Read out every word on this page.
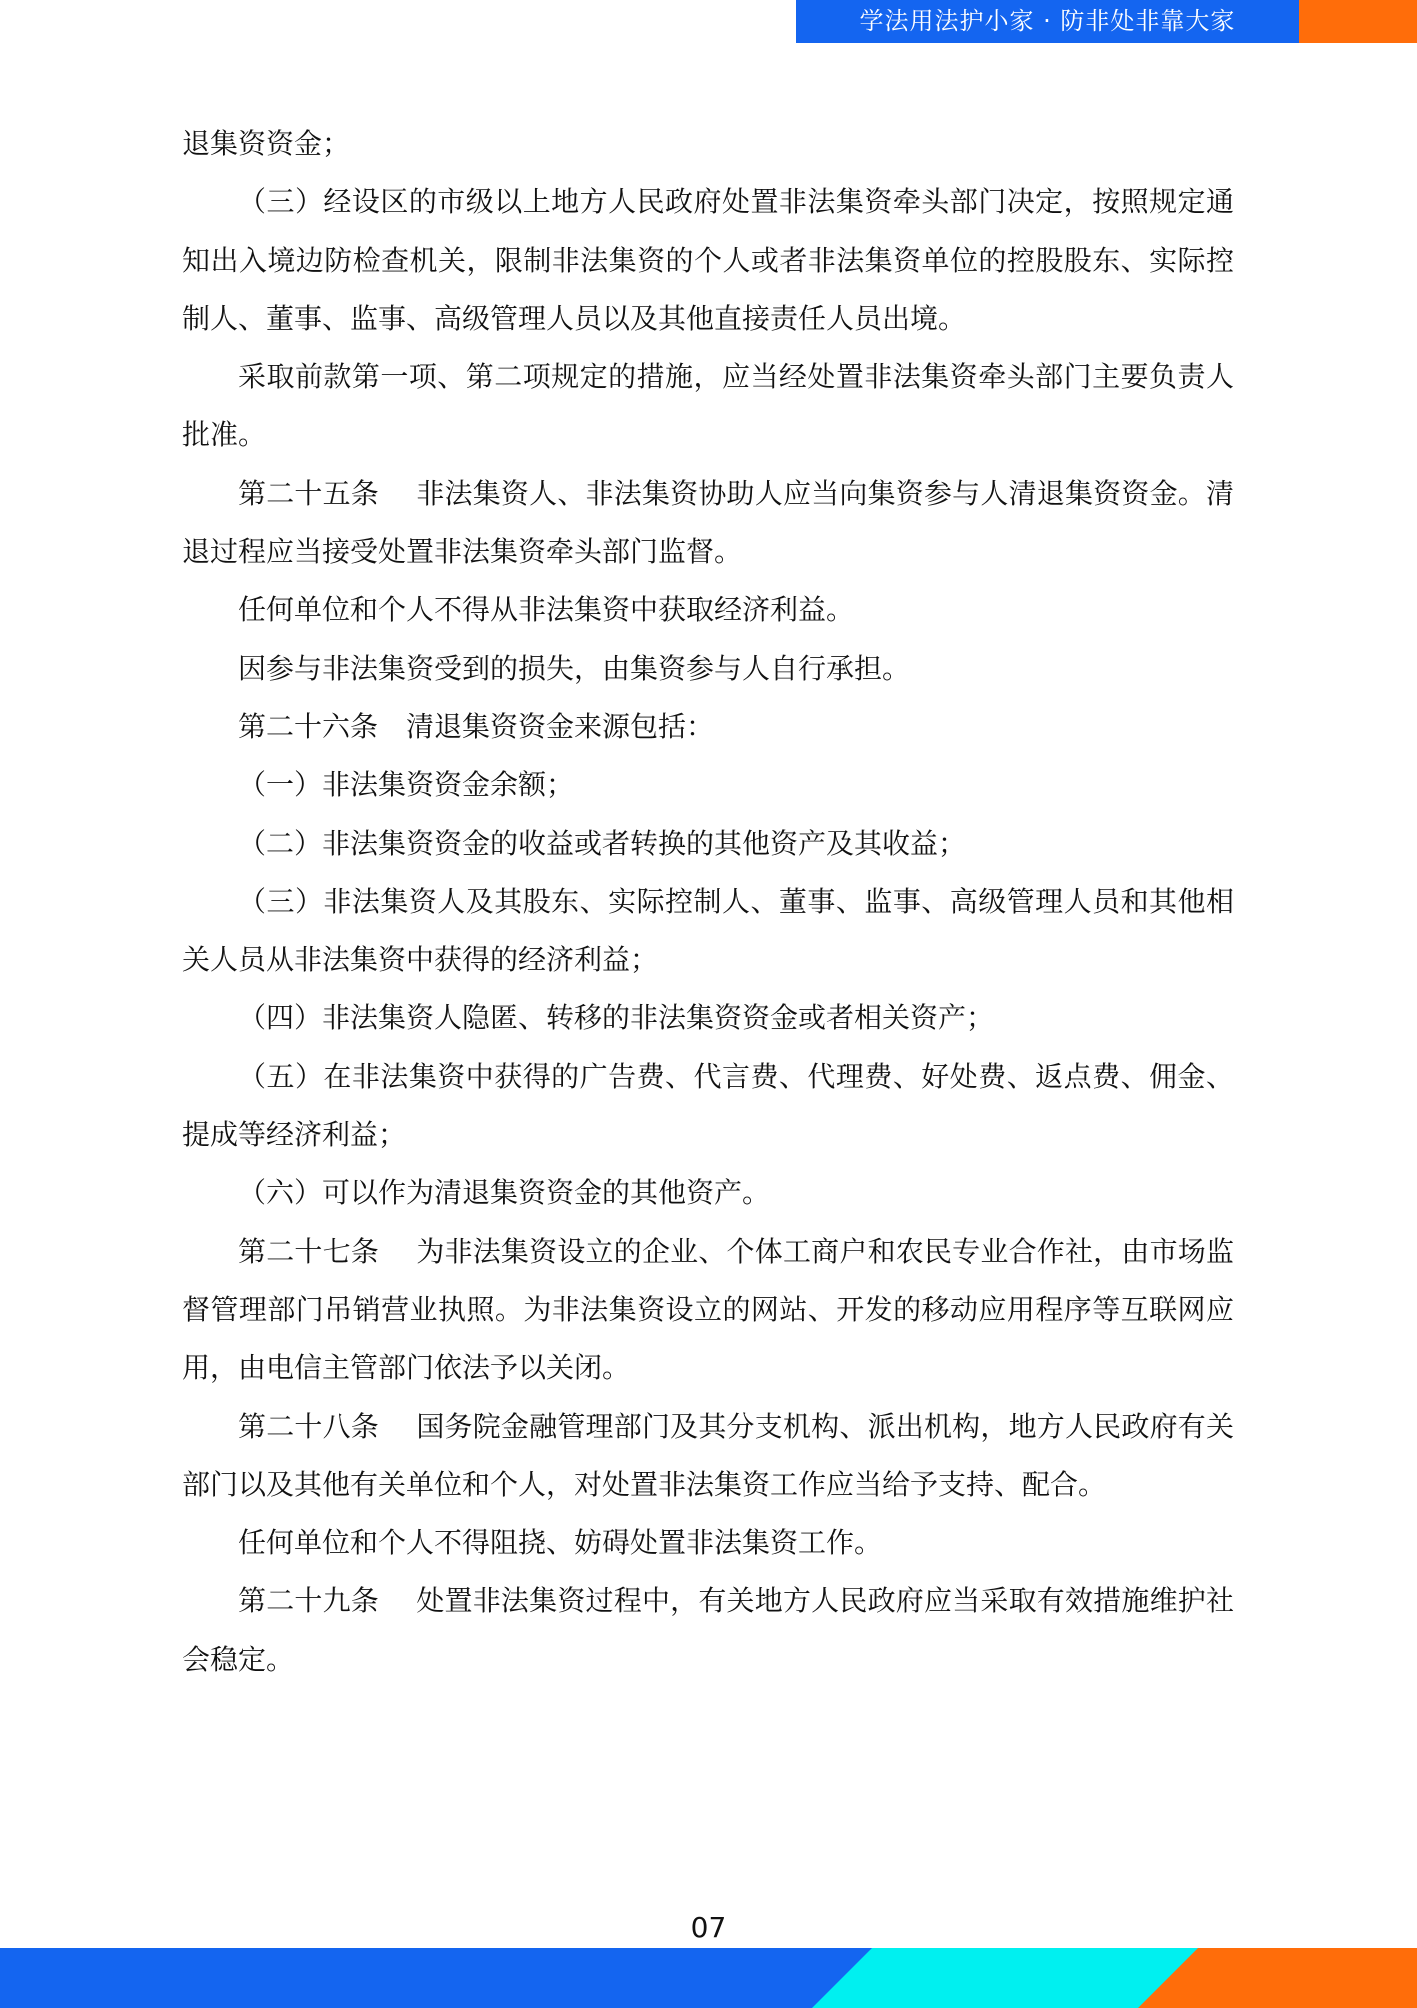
学法用法护小家 · 防非处非靠大家

退集资资金；

（三）经设区的市级以上地方人民政府处置非法集资牵头部门决定，按照规定通知出入境边防检查机关，限制非法集资的个人或者非法集资单位的控股股东、实际控制人、董事、监事、高级管理人员以及其他直接责任人员出境。

采取前款第一项、第二项规定的措施，应当经处置非法集资牵头部门主要负责人批准。

第二十五条　 非法集资人、非法集资协助人应当向集资参与人清退集资资金。清退过程应当接受处置非法集资牵头部门监督。

任何单位和个人不得从非法集资中获取经济利益。

因参与非法集资受到的损失，由集资参与人自行承担。

第二十六条　清退集资资金来源包括：

（一）非法集资资金余额；

（二）非法集资资金的收益或者转换的其他资产及其收益；

（三）非法集资人及其股东、实际控制人、董事、监事、高级管理人员和其他相关人员从非法集资中获得的经济利益；

（四）非法集资人隐匿、转移的非法集资资金或者相关资产；

（五）在非法集资中获得的广告费、代言费、代理费、好处费、返点费、佣金、提成等经济利益；

（六）可以作为清退集资资金的其他资产。

第二十七条　 为非法集资设立的企业、个体工商户和农民专业合作社，由市场监督管理部门吊销营业执照。为非法集资设立的网站、开发的移动应用程序等互联网应用，由电信主管部门依法予以关闭。

第二十八条　 国务院金融管理部门及其分支机构、派出机构，地方人民政府有关部门以及其他有关单位和个人，对处置非法集资工作应当给予支持、配合。

任何单位和个人不得阻挠、妨碍处置非法集资工作。

第二十九条　 处置非法集资过程中，有关地方人民政府应当采取有效措施维护社会稳定。

07
